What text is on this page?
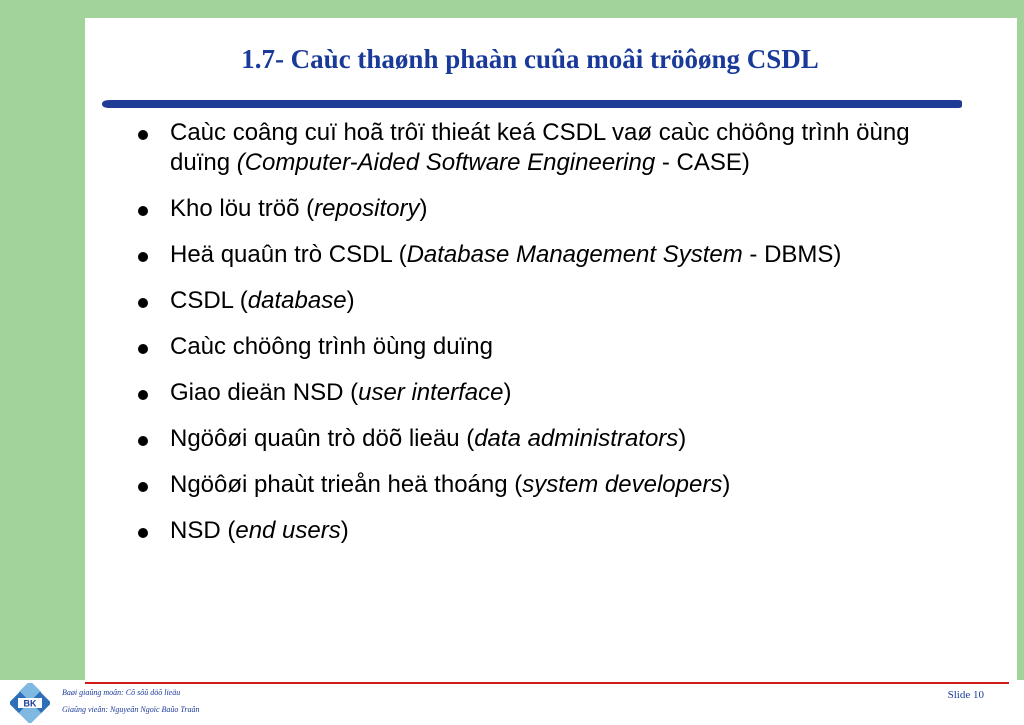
1.7- Caùc thaønh phaàn cuûa moâi tröôøng CSDL
Caùc coâng cuï hoã trôï thieát keá CSDL vaø caùc chöông trình öùng duïng (Computer-Aided Software Engineering - CASE)
Kho löu tröõ (repository)
Heä quaûn trò CSDL (Database Management System - DBMS)
CSDL (database)
Caùc chöông trình öùng duïng
Giao dieän NSD (user interface)
Ngöôøi quaûn trò döõ lieäu (data administrators)
Ngöôøi phaùt trieån heä thoáng (system developers)
NSD (end users)
BK
Baøi giaûng moân: Cô sôû döõ lieäu
Giaûng vieân: Nguyeãn Ngoïc Baûo Traân
Slide 10
